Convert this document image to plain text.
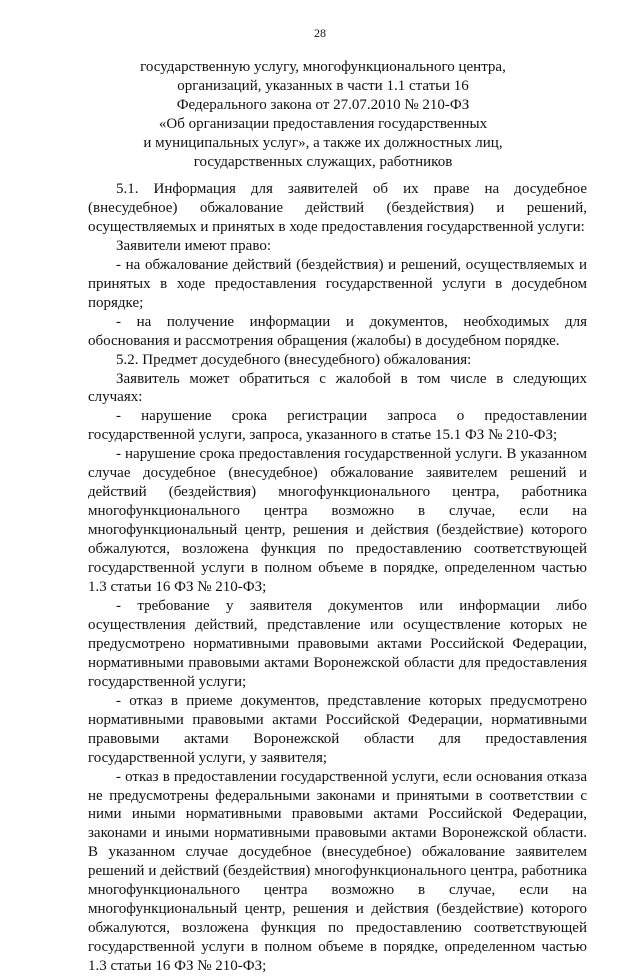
28
государственную услугу, многофункционального центра,
организаций, указанных в части 1.1 статьи 16
Федерального закона от 27.07.2010 № 210-ФЗ
«Об организации предоставления государственных
и муниципальных услуг», а также их должностных лиц,
государственных служащих, работников

5.1. Информация для заявителей об их праве на досудебное (внесудебное) обжалование действий (бездействия) и решений, осуществляемых и принятых в ходе предоставления государственной услуги:

Заявители имеют право:

- на обжалование действий (бездействия) и решений, осуществляемых и принятых в ходе предоставления государственной услуги в досудебном порядке;

- на получение информации и документов, необходимых для обоснования и рассмотрения обращения (жалобы) в досудебном порядке.

5.2. Предмет досудебного (внесудебного) обжалования:

Заявитель может обратиться с жалобой в том числе в следующих случаях:

- нарушение срока регистрации запроса о предоставлении государственной услуги, запроса, указанного в статье 15.1 ФЗ № 210-ФЗ;

- нарушение срока предоставления государственной услуги. В указанном случае досудебное (внесудебное) обжалование заявителем решений и действий (бездействия) многофункционального центра, работника многофункционального центра возможно в случае, если на многофункциональный центр, решения и действия (бездействие) которого обжалуются, возложена функция по предоставлению соответствующей государственной услуги в полном объеме в порядке, определенном частью 1.3 статьи 16 ФЗ № 210-ФЗ;

- требование у заявителя документов или информации либо осуществления действий, представление или осуществление которых не предусмотрено нормативными правовыми актами Российской Федерации, нормативными правовыми актами Воронежской области для предоставления государственной услуги;

- отказ в приеме документов, представление которых предусмотрено нормативными правовыми актами Российской Федерации, нормативными правовыми актами Воронежской области для предоставления государственной услуги, у заявителя;

- отказ в предоставлении государственной услуги, если основания отказа не предусмотрены федеральными законами и принятыми в соответствии с ними иными нормативными правовыми актами Российской Федерации, законами и иными нормативными правовыми актами Воронежской области. В указанном случае досудебное (внесудебное) обжалование заявителем решений и действий (бездействия) многофункционального центра, работника многофункционального центра возможно в случае, если на многофункциональный центр, решения и действия (бездействие) которого обжалуются, возложена функция по предоставлению соответствующей государственной услуги в полном объеме в порядке, определенном частью 1.3 статьи 16 ФЗ № 210-ФЗ;
